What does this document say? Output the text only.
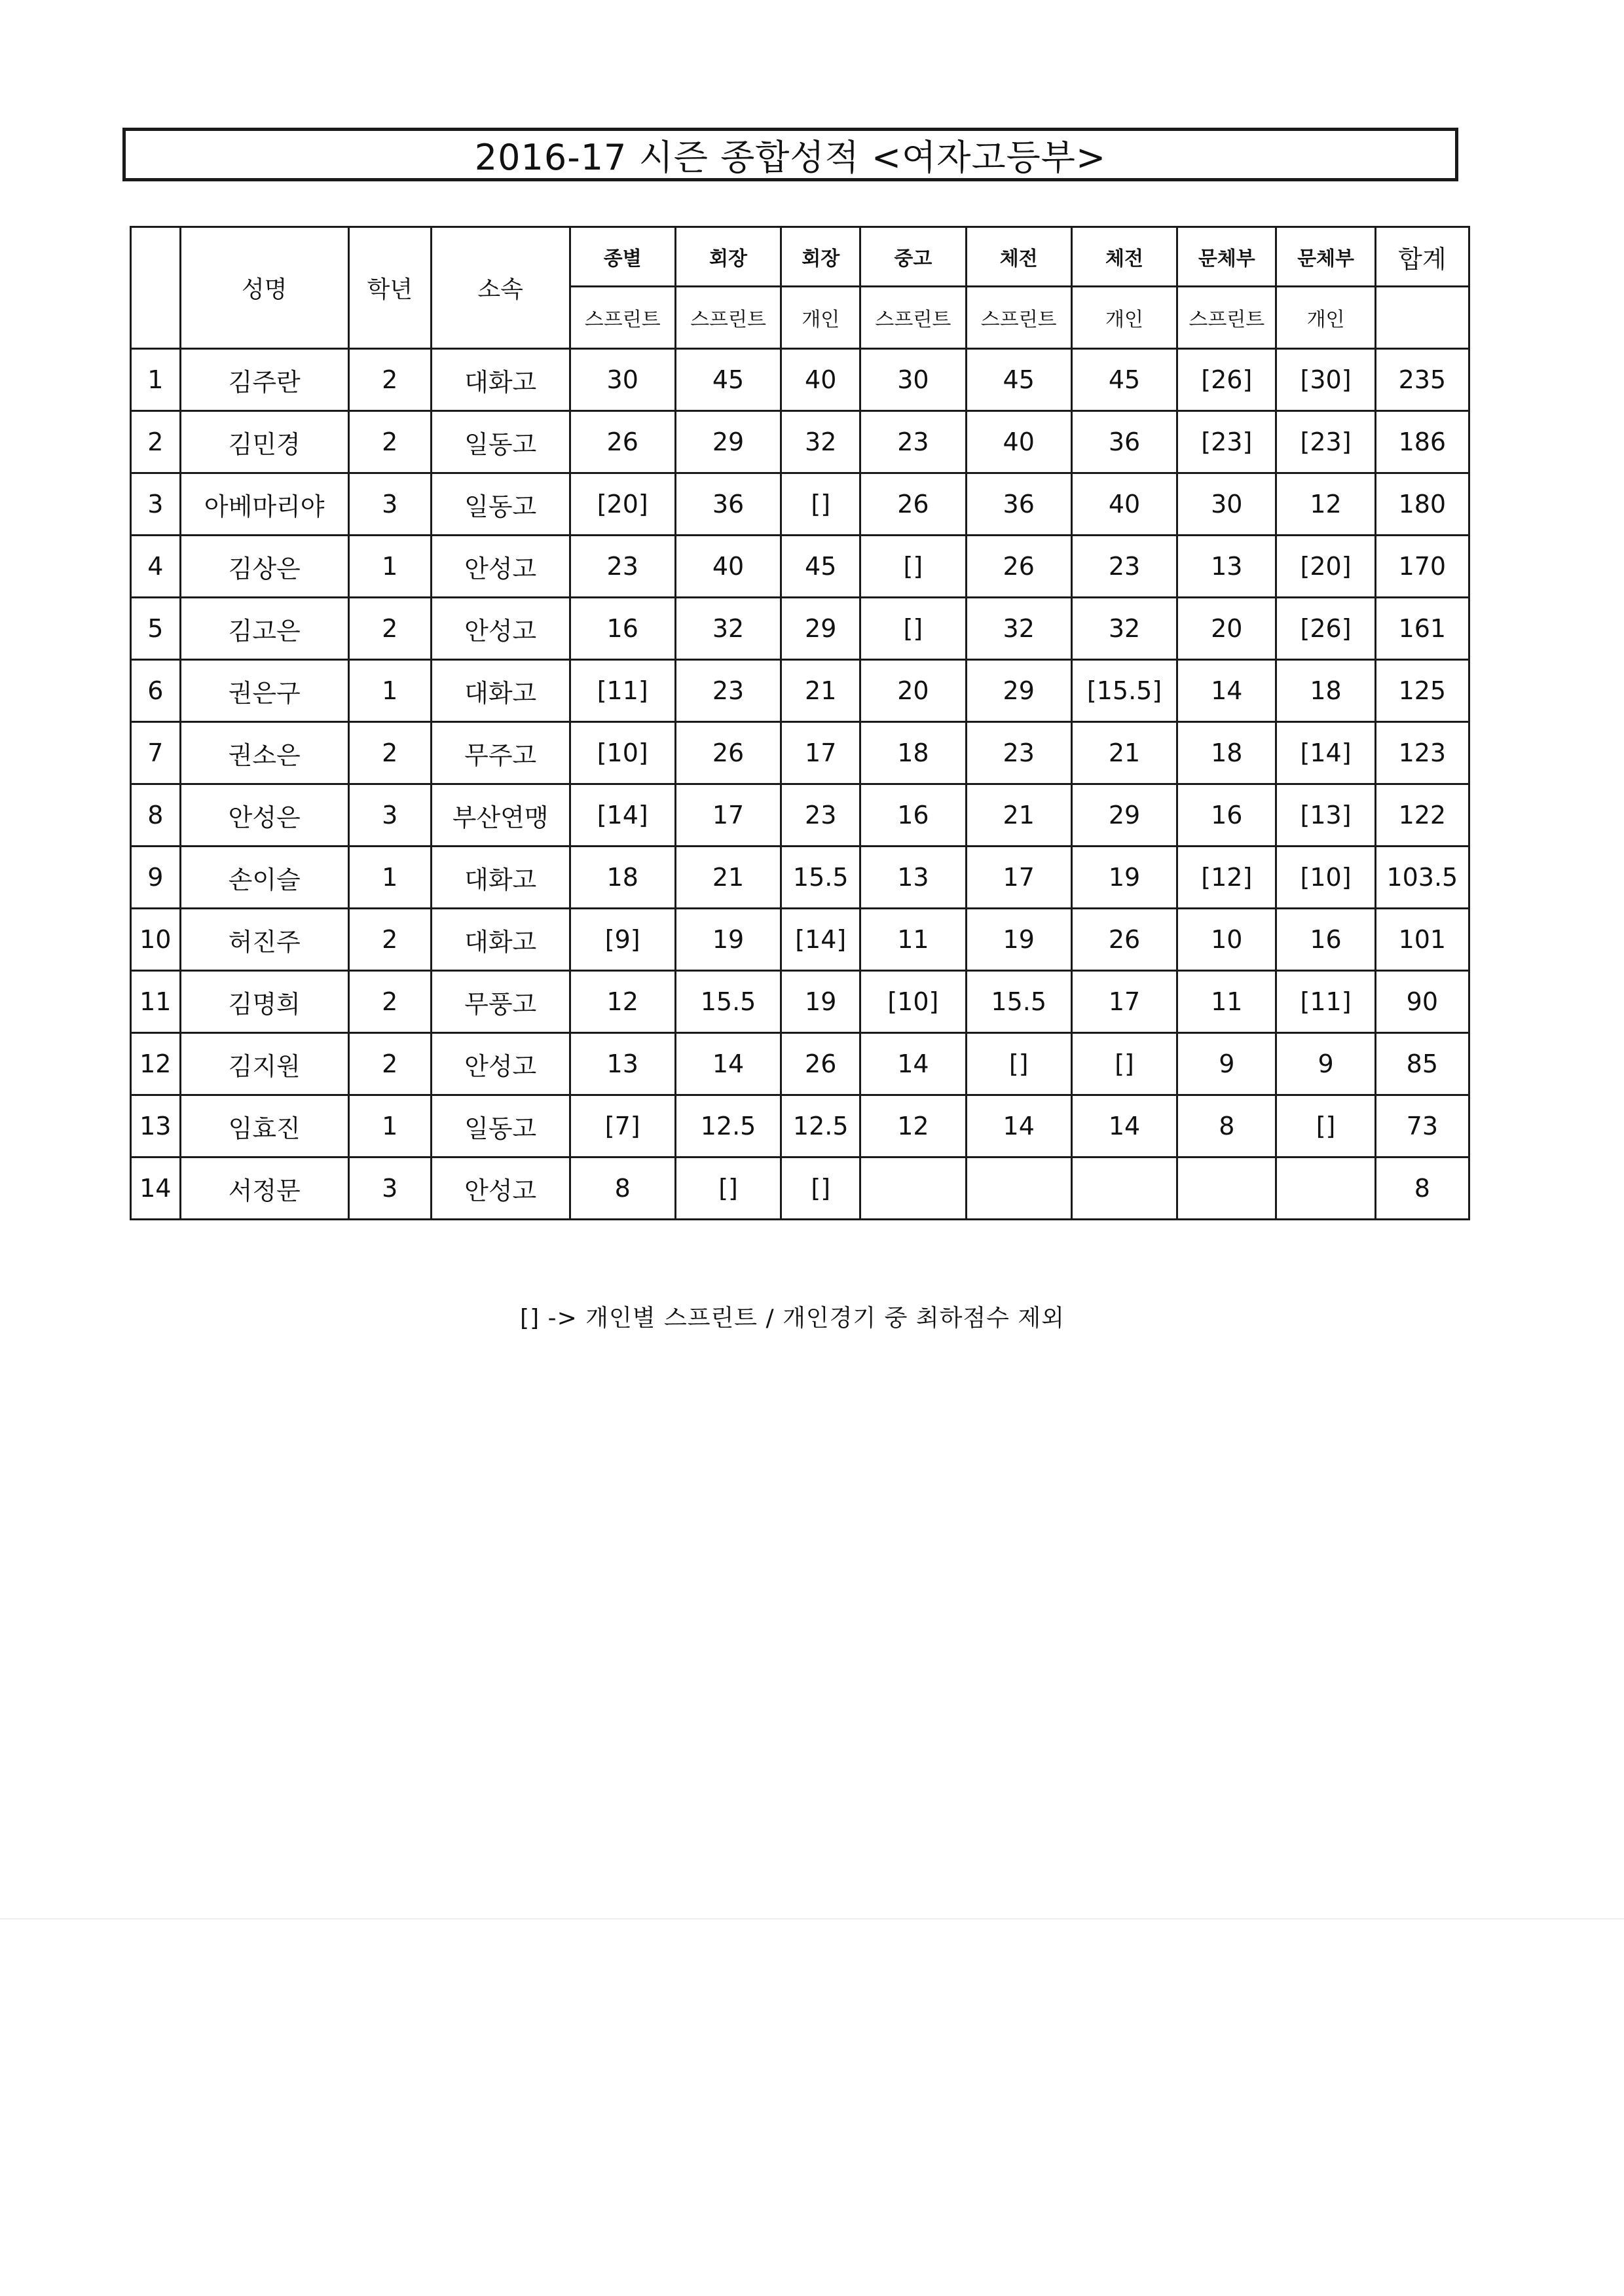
2016-17 시즌 종합성적 <여자고등부>
	성명	학년	소속	종별	회장	회장	중고	체전	체전	문체부	문체부	합계
				스프린트	스프린트	개인	스프린트	스프린트	개인	스프린트	개인	
1	김주란	2	대화고	30	45	40	30	45	45	[26]	[30]	235
2	김민경	2	일동고	26	29	32	23	40	36	[23]	[23]	186
3	아베마리야	3	일동고	[20]	36	[]	26	36	40	30	12	180
4	김상은	1	안성고	23	40	45	[]	26	23	13	[20]	170
5	김고은	2	안성고	16	32	29	[]	32	32	20	[26]	161
6	권은구	1	대화고	[11]	23	21	20	29	[15.5]	14	18	125
7	권소은	2	무주고	[10]	26	17	18	23	21	18	[14]	123
8	안성은	3	부산연맹	[14]	17	23	16	21	29	16	[13]	122
9	손이슬	1	대화고	18	21	15.5	13	17	19	[12]	[10]	103.5
10	허진주	2	대화고	[9]	19	[14]	11	19	26	10	16	101
11	김명희	2	무풍고	12	15.5	19	[10]	15.5	17	11	[11]	90
12	김지원	2	안성고	13	14	26	14	[]	[]	9	9	85
13	임효진	1	일동고	[7]	12.5	12.5	12	14	14	8	[]	73
14	서정문	3	안성고	8	[]	[]						8
[] -> 개인별 스프린트 / 개인경기 중 최하점수 제외
